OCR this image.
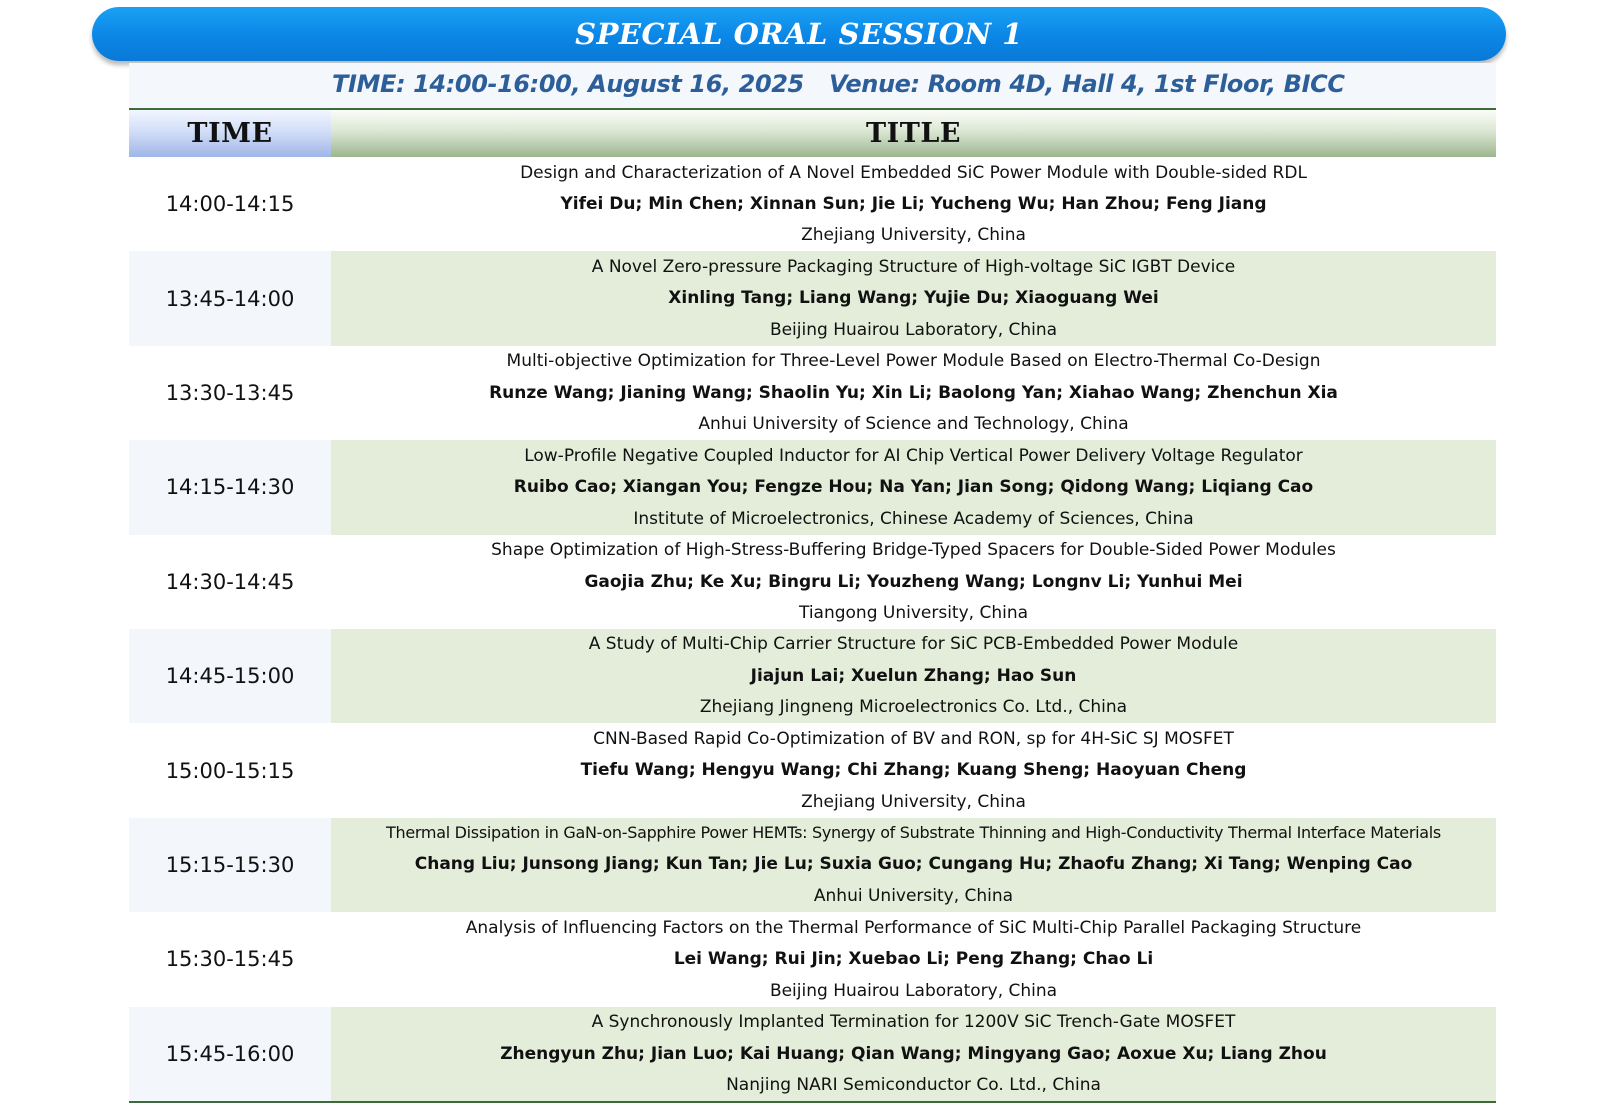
SPECIAL ORAL SESSION 1
TIME: 14:00-16:00, August 16, 2025 Venue: Room 4D, Hall 4, 1st Floor, BICC
TIME	TITLE
14:00-14:15
Design and Characterization of A Novel Embedded SiC Power Module with Double-sided RDL
Yifei Du; Min Chen; Xinnan Sun; Jie Li; Yucheng Wu; Han Zhou; Feng Jiang
Zhejiang University, China
13:45-14:00
A Novel Zero-pressure Packaging Structure of High-voltage SiC IGBT Device
Xinling Tang; Liang Wang; Yujie Du; Xiaoguang Wei
Beijing Huairou Laboratory, China
13:30-13:45
Multi-objective Optimization for Three-Level Power Module Based on Electro-Thermal Co-Design
Runze Wang; Jianing Wang; Shaolin Yu; Xin Li; Baolong Yan; Xiahao Wang; Zhenchun Xia
Anhui University of Science and Technology, China
14:15-14:30
Low-Profile Negative Coupled Inductor for AI Chip Vertical Power Delivery Voltage Regulator
Ruibo Cao; Xiangan You; Fengze Hou; Na Yan; Jian Song; Qidong Wang; Liqiang Cao
Institute of Microelectronics, Chinese Academy of Sciences, China
14:30-14:45
Shape Optimization of High-Stress-Buffering Bridge-Typed Spacers for Double-Sided Power Modules
Gaojia Zhu; Ke Xu; Bingru Li; Youzheng Wang; Longnv Li; Yunhui Mei
Tiangong University, China
14:45-15:00
A Study of Multi-Chip Carrier Structure for SiC PCB-Embedded Power Module
Jiajun Lai; Xuelun Zhang; Hao Sun
Zhejiang Jingneng Microelectronics Co. Ltd., China
15:00-15:15
CNN-Based Rapid Co-Optimization of BV and RON, sp for 4H-SiC SJ MOSFET
Tiefu Wang; Hengyu Wang; Chi Zhang; Kuang Sheng; Haoyuan Cheng
Zhejiang University, China
15:15-15:30
Thermal Dissipation in GaN-on-Sapphire Power HEMTs: Synergy of Substrate Thinning and High-Conductivity Thermal Interface Materials
Chang Liu; Junsong Jiang; Kun Tan; Jie Lu; Suxia Guo; Cungang Hu; Zhaofu Zhang; Xi Tang; Wenping Cao
Anhui University, China
15:30-15:45
Analysis of Influencing Factors on the Thermal Performance of SiC Multi-Chip Parallel Packaging Structure
Lei Wang; Rui Jin; Xuebao Li; Peng Zhang; Chao Li
Beijing Huairou Laboratory, China
15:45-16:00
A Synchronously Implanted Termination for 1200V SiC Trench-Gate MOSFET
Zhengyun Zhu; Jian Luo; Kai Huang; Qian Wang; Mingyang Gao; Aoxue Xu; Liang Zhou
Nanjing NARI Semiconductor Co. Ltd., China
